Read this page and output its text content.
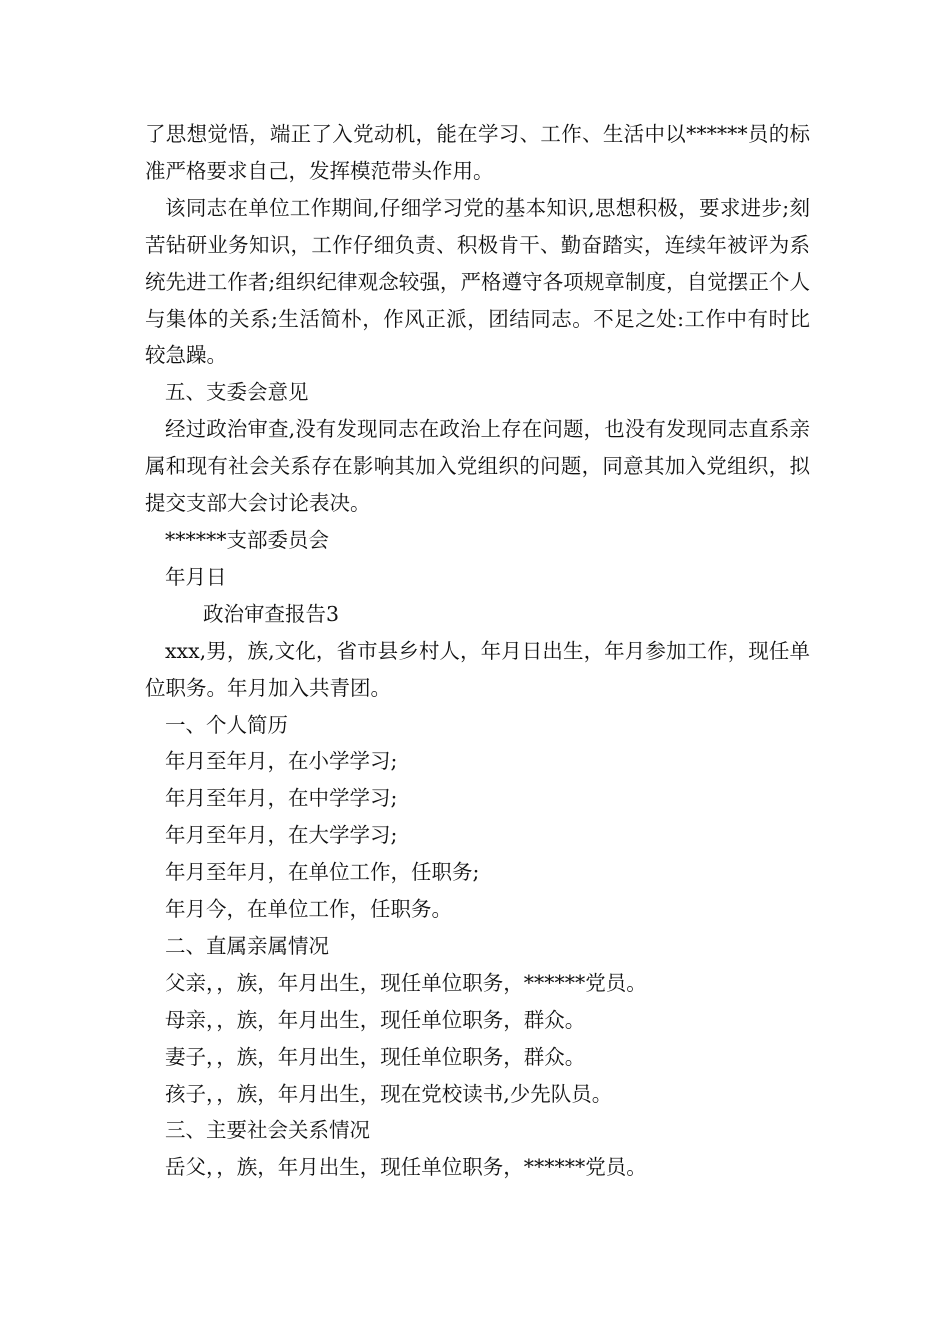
了思想觉悟，端正了入党动机，能在学习、工作、生活中以******员的标准严格要求自己，发挥模范带头作用。

该同志在单位工作期间,仔细学习党的基本知识,思想积极，要求进步;刻苦钻研业务知识，工作仔细负责、积极肯干、勤奋踏实，连续年被评为系统先进工作者;组织纪律观念较强，严格遵守各项规章制度，自觉摆正个人与集体的关系;生活简朴，作风正派，团结同志。不足之处:工作中有时比较急躁。

五、支委会意见

经过政治审查,没有发现同志在政治上存在问题，也没有发现同志直系亲属和现有社会关系存在影响其加入党组织的问题，同意其加入党组织，拟提交支部大会讨论表决。

******支部委员会

年月日

政治审查报告3

xxx,男，族,文化，省市县乡村人，年月日出生，年月参加工作，现任单位职务。年月加入共青团。

一、个人简历

年月至年月，在小学学习;

年月至年月，在中学学习;

年月至年月，在大学学习;

年月至年月，在单位工作，任职务;

年月今，在单位工作，任职务。

二、直属亲属情况

父亲，，族，年月出生，现任单位职务，******党员。

母亲，，族，年月出生，现任单位职务，群众。

妻子，，族，年月出生，现任单位职务，群众。

孩子，，族，年月出生，现在党校读书,少先队员。

三、主要社会关系情况

岳父，，族，年月出生，现任单位职务，******党员。
